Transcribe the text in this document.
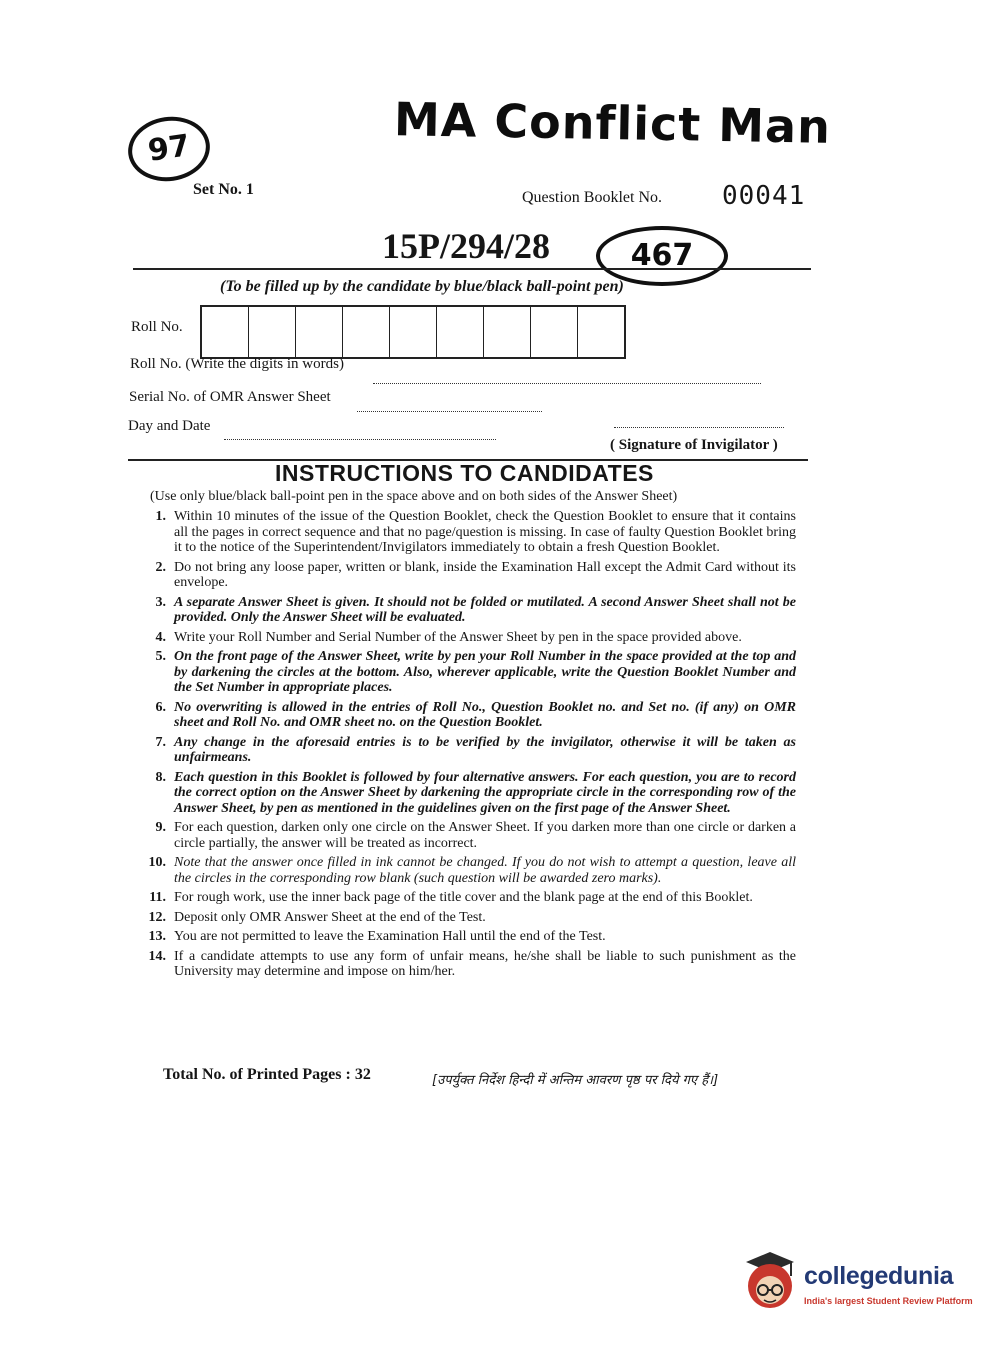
97	MA Conflict Man
Set No. 1	Question Booklet No. 00041
15P/294/28	467
(To be filled up by the candidate by blue/black ball-point pen)
Roll No.
Roll No. (Write the digits in words)
Serial No. of OMR Answer Sheet
Day and Date
( Signature of Invigilator )
INSTRUCTIONS TO CANDIDATES
(Use only blue/black ball-point pen in the space above and on both sides of the Answer Sheet)
1. Within 10 minutes of the issue of the Question Booklet, check the Question Booklet to ensure that it contains all the pages in correct sequence and that no page/question is missing. In case of faulty Question Booklet bring it to the notice of the Superintendent/Invigilators immediately to obtain a fresh Question Booklet.
2. Do not bring any loose paper, written or blank, inside the Examination Hall except the Admit Card without its envelope.
3. A separate Answer Sheet is given. It should not be folded or mutilated. A second Answer Sheet shall not be provided. Only the Answer Sheet will be evaluated.
4. Write your Roll Number and Serial Number of the Answer Sheet by pen in the space provided above.
5. On the front page of the Answer Sheet, write by pen your Roll Number in the space provided at the top and by darkening the circles at the bottom. Also, wherever applicable, write the Question Booklet Number and the Set Number in appropriate places.
6. No overwriting is allowed in the entries of Roll No., Question Booklet no. and Set no. (if any) on OMR sheet and Roll No. and OMR sheet no. on the Question Booklet.
7. Any change in the aforesaid entries is to be verified by the invigilator, otherwise it will be taken as unfairmeans.
8. Each question in this Booklet is followed by four alternative answers. For each question, you are to record the correct option on the Answer Sheet by darkening the appropriate circle in the corresponding row of the Answer Sheet, by pen as mentioned in the guidelines given on the first page of the Answer Sheet.
9. For each question, darken only one circle on the Answer Sheet. If you darken more than one circle or darken a circle partially, the answer will be treated as incorrect.
10. Note that the answer once filled in ink cannot be changed. If you do not wish to attempt a question, leave all the circles in the corresponding row blank (such question will be awarded zero marks).
11. For rough work, use the inner back page of the title cover and the blank page at the end of this Booklet.
12. Deposit only OMR Answer Sheet at the end of the Test.
13. You are not permitted to leave the Examination Hall until the end of the Test.
14. If a candidate attempts to use any form of unfair means, he/she shall be liable to such punishment as the University may determine and impose on him/her.
Total No. of Printed Pages : 32	[उपर्युक्त निर्देश हिन्दी में अन्तिम आवरण पृष्ठ पर दिये गए हैं।]
collegedunia
India's largest Student Review Platform
